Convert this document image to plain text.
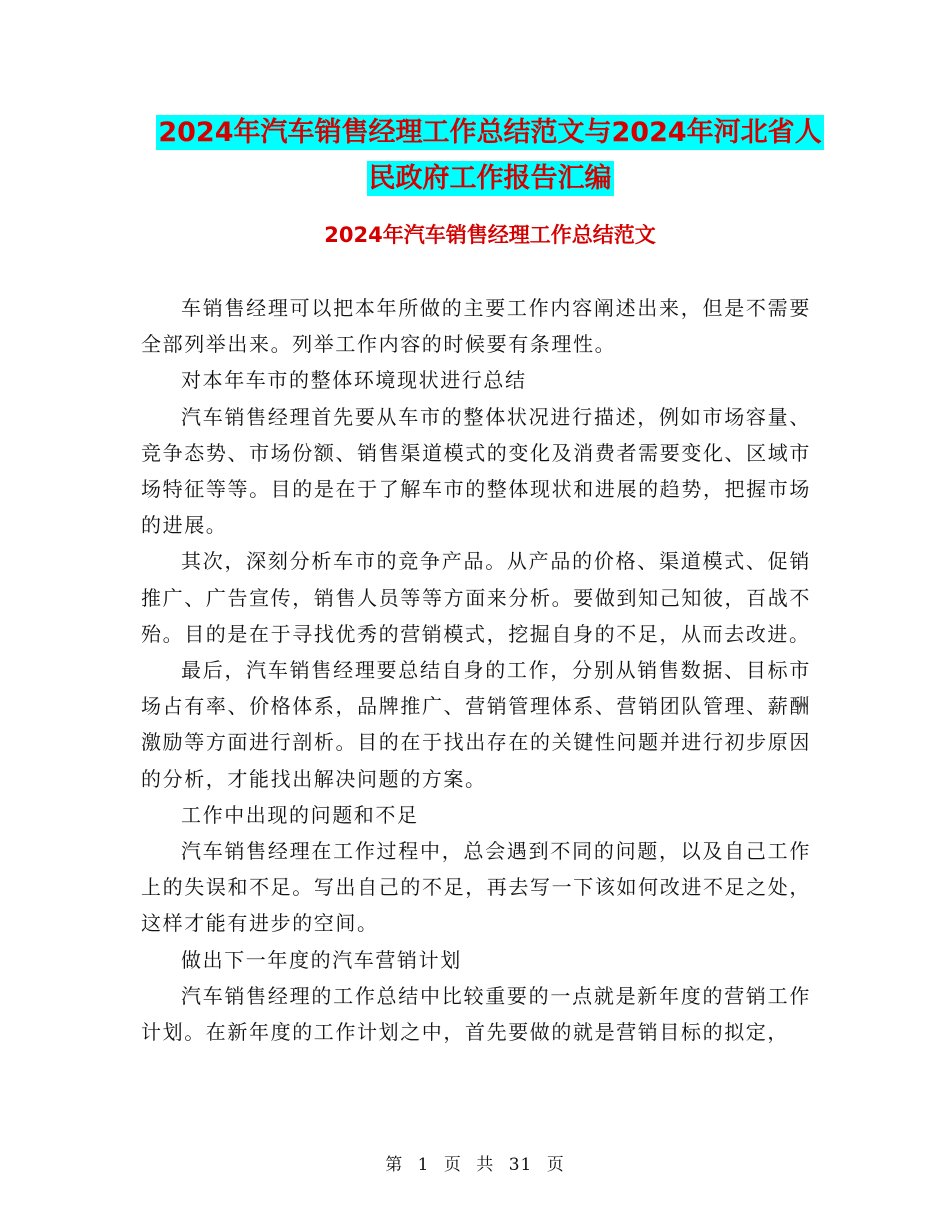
2024年汽车销售经理工作总结范文与2024年河北省人
民政府工作报告汇编
2024年汽车销售经理工作总结范文

车销售经理可以把本年所做的主要工作内容阐述出来，但是不需要全部列举出来。列举工作内容的时候要有条理性。

对本年车市的整体环境现状进行总结

汽车销售经理首先要从车市的整体状况进行描述，例如市场容量、竞争态势、市场份额、销售渠道模式的变化及消费者需要变化、区域市场特征等等。目的是在于了解车市的整体现状和进展的趋势，把握市场的进展。

其次，深刻分析车市的竞争产品。从产品的价格、渠道模式、促销推广、广告宣传，销售人员等等方面来分析。要做到知己知彼，百战不殆。目的是在于寻找优秀的营销模式，挖掘自身的不足，从而去改进。

最后，汽车销售经理要总结自身的工作，分别从销售数据、目标市场占有率、价格体系，品牌推广、营销管理体系、营销团队管理、薪酬激励等方面进行剖析。目的在于找出存在的关键性问题并进行初步原因的分析，才能找出解决问题的方案。

工作中出现的问题和不足

汽车销售经理在工作过程中，总会遇到不同的问题，以及自己工作上的失误和不足。写出自己的不足，再去写一下该如何改进不足之处，这样才能有进步的空间。

做出下一年度的汽车营销计划

汽车销售经理的工作总结中比较重要的一点就是新年度的营销工作计划。在新年度的工作计划之中，首先要做的就是营销目标的拟定，

第 1 页 共 31 页
